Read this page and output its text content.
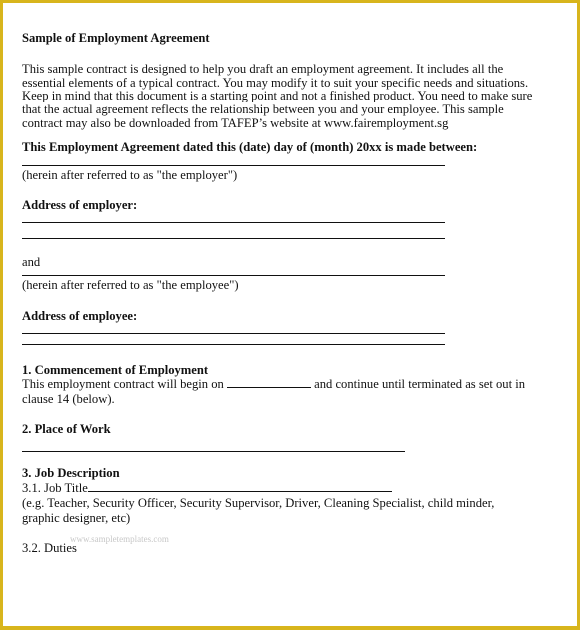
Sample of Employment Agreement
This sample contract is designed to help you draft an employment agreement. It includes all the
essential elements of a typical contract. You may modify it to suit your specific needs and situations.
Keep in mind that this document is a starting point and not a finished product. You need to make sure
that the actual agreement reflects the relationship between you and your employee. This sample
contract may also be downloaded from TAFEP’s website at www.fairemployment.sg
This Employment Agreement dated this (date) day of (month) 20xx is made between:
(herein after referred to as "the employer")
Address of employer:
and
(herein after referred to as "the employee")
Address of employee:
1. Commencement of Employment
This employment contract will begin on	and continue until terminated as set out in
clause 14 (below).
2. Place of Work
3. Job Description
3.1. Job Title
(e.g. Teacher, Security Officer, Security Supervisor, Driver, Cleaning Specialist, child minder,
graphic designer, etc)
3.2. Duties
www.sampletemplates.com
